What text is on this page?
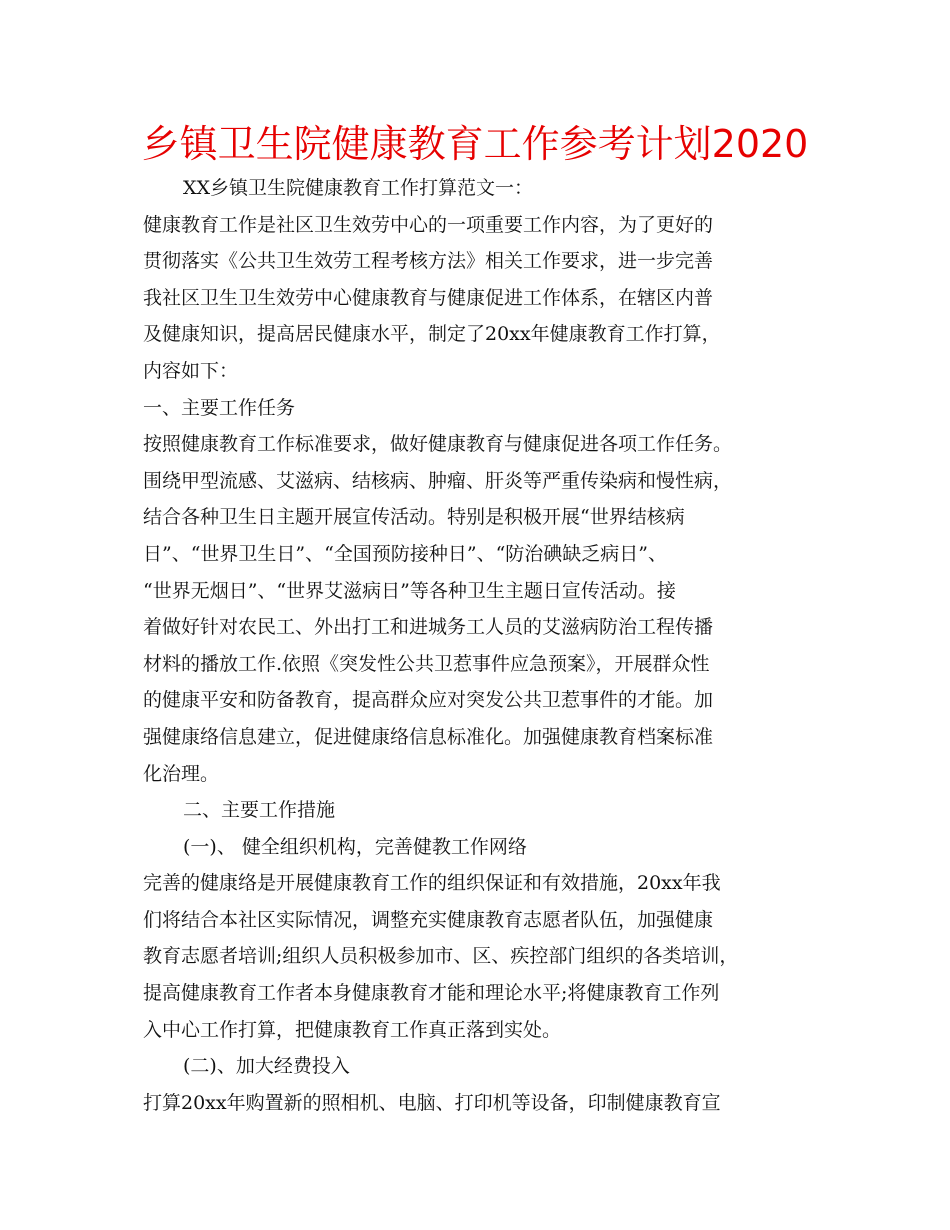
乡镇卫生院健康教育工作参考计划2020
XX乡镇卫生院健康教育工作打算范文一：
健康教育工作是社区卫生效劳中心的一项重要工作内容，为了更好的
贯彻落实《公共卫生效劳工程考核方法》相关工作要求，进一步完善
我社区卫生卫生效劳中心健康教育与健康促进工作体系，在辖区内普
及健康知识，提高居民健康水平，制定了20xx年健康教育工作打算，
内容如下：
一、主要工作任务
按照健康教育工作标准要求，做好健康教育与健康促进各项工作任务。
围绕甲型流感、艾滋病、结核病、肿瘤、肝炎等严重传染病和慢性病，
结合各种卫生日主题开展宣传活动。特别是积极开展“世界结核病
日”、“世界卫生日”、“全国预防接种日”、“防治碘缺乏病日”、
“世界无烟日”、“世界艾滋病日”等各种卫生主题日宣传活动。接
着做好针对农民工、外出打工和进城务工人员的艾滋病防治工程传播
材料的播放工作.依照《突发性公共卫惹事件应急预案》，开展群众性
的健康平安和防备教育，提高群众应对突发公共卫惹事件的才能。加
强健康络信息建立，促进健康络信息标准化。加强健康教育档案标准
化治理。
二、主要工作措施
(一)、 健全组织机构，完善健教工作网络
完善的健康络是开展健康教育工作的组织保证和有效措施，20xx年我
们将结合本社区实际情况，调整充实健康教育志愿者队伍，加强健康
教育志愿者培训;组织人员积极参加市、区、疾控部门组织的各类培训，
提高健康教育工作者本身健康教育才能和理论水平;将健康教育工作列
入中心工作打算，把健康教育工作真正落到实处。
(二)、加大经费投入
打算20xx年购置新的照相机、电脑、打印机等设备，印制健康教育宣
